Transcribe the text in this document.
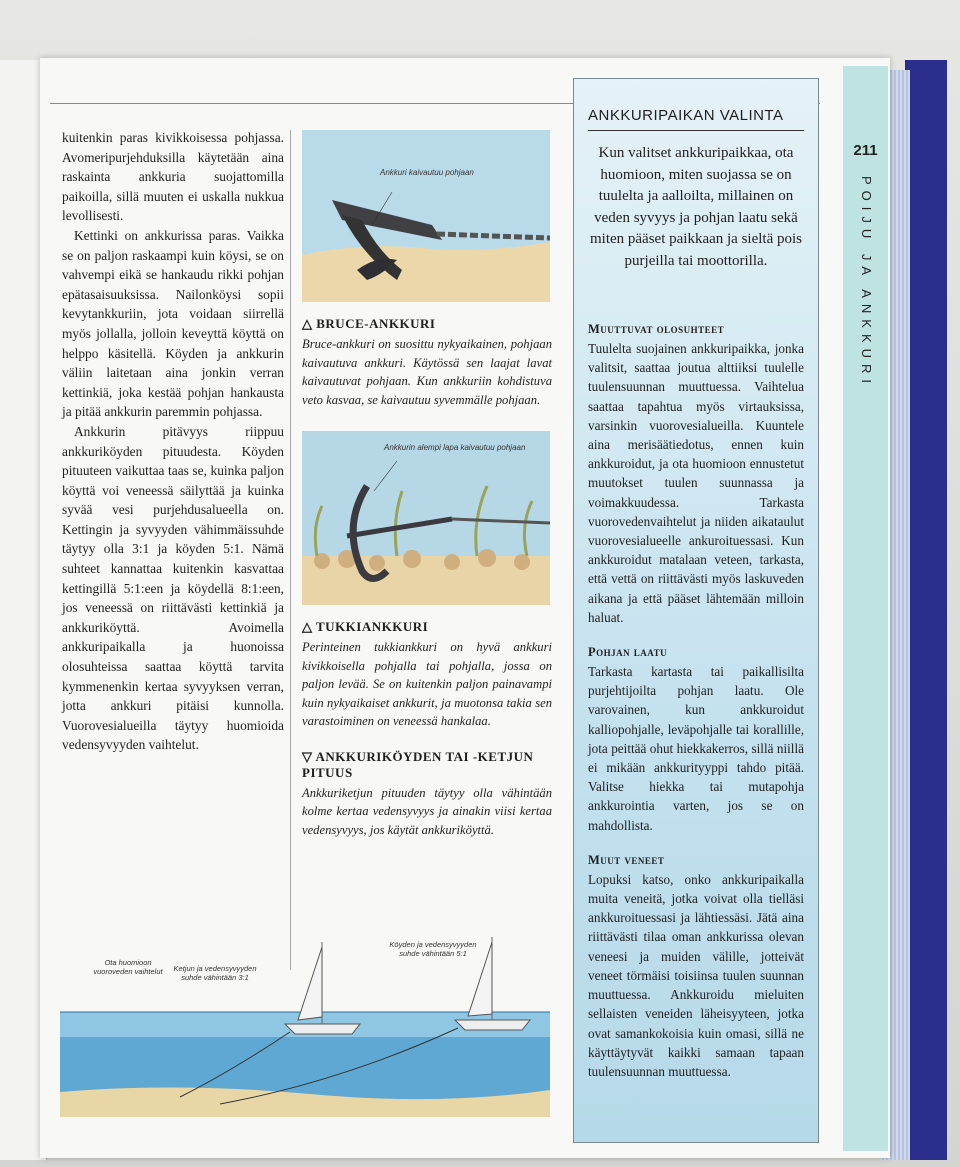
211
POIJU JA ANKKURI

kuitenkin paras kivikkoisessa pohjassa. Avomeripurjehduksilla käytetään aina raskainta ankkuria suojattomilla paikoilla, sillä muuten ei uskalla nukkua levollisesti.

Kettinki on ankkurissa paras. Vaikka se on paljon raskaampi kuin köysi, se on vahvempi eikä se hankaudu rikki pohjan epätasaisuuksissa. Nailonköysi sopii kevytankkuriin, jota voidaan siirrellä myös jollalla, jolloin keveyttä köyttä on helppo käsitellä. Köyden ja ankkurin väliin laitetaan aina jonkin verran kettinkiä, joka kestää pohjan hankausta ja pitää ankkurin paremmin pohjassa.

Ankkurin pitävyys riippuu ankkuriköyden pituudesta. Köyden pituuteen vaikuttaa taas se, kuinka paljon köyttä voi veneessä säilyttää ja kuinka syvää vesi purjehdusalueella on. Kettingin ja syvyyden vähimmäissuhde täytyy olla 3:1 ja köyden 5:1. Nämä suhteet kannattaa kuitenkin kasvattaa kettingillä 5:1:een ja köydellä 8:1:een, jos veneessä on riittävästi kettinkiä ja ankkuriköyttä. Avoimella ankkuripaikalla ja huonoissa olosuhteissa saattaa köyttä tarvita kymmenenkin kertaa syvyyksen verran, jotta ankkuri pitäisi kunnolla. Vuorovesialueilla täytyy huomioida vedensyvyyden vaihtelut.

Ankkuri kaivautuu pohjaan
△ BRUCE-ANKKURI
Bruce-ankkuri on suosittu nykyaikainen, pohjaan kaivautuva ankkuri. Käytössä sen laajat lavat kaivautuvat pohjaan. Kun ankkuriin kohdistuva veto kasvaa, se kaivautuu syvemmälle pohjaan.
Ankkurin alempi lapa kaivautuu pohjaan
△ TUKKIANKKURI
Perinteinen tukkiankkuri on hyvä ankkuri kivikkoisella pohjalla tai pohjalla, jossa on paljon levää. Se on kuitenkin paljon painavampi kuin nykyaikaiset ankkurit, ja muotonsa takia sen varastoiminen on veneessä hankalaa.
▽ ANKKURIKÖYDEN TAI -KETJUN PITUUS
Ankkuriketjun pituuden täytyy olla vähintään kolme kertaa vedensyvyys ja ainakin viisi kertaa vedensyvyys, jos käytät ankkuriköyttä.
Ota huomioon vuoroveden vaihtelut	Ketjun ja vedensyvyyden suhde vähintään 3:1
Köyden ja vedensyvyyden suhde vähintään 5:1
ANKKURIPAIKAN VALINTA
Kun valitset ankkuripaikkaa, ota huomioon, miten suojassa se on tuulelta ja aalloilta, millainen on veden syvyys ja pohjan laatu sekä miten pääset paikkaan ja sieltä pois purjeilla tai moottorilla.
Muuttuvat olosuhteet

Tuulelta suojainen ankkuripaikka, jonka valitsit, saattaa joutua alttiiksi tuulelle tuulensuunnan muuttuessa. Vaihtelua saattaa tapahtua myös virtauksissa, varsinkin vuorovesialueilla. Kuuntele aina merisäätiedotus, ennen kuin ankkuroidut, ja ota huomioon ennustetut muutokset tuulen suunnassa ja voimakkuudessa. Tarkasta vuorovedenvaihtelut ja niiden aikataulut vuorovesialueelle ankuroituessasi. Kun ankkuroidut matalaan veteen, tarkasta, että vettä on riittävästi myös laskuveden aikana ja että pääset lähtemään milloin haluat.

Pohjan laatu

Tarkasta kartasta tai paikallisilta purjehtijoilta pohjan laatu. Ole varovainen, kun ankkuroidut kalliopohjalle, leväpohjalle tai korallille, jota peittää ohut hiekkakerros, sillä niillä ei mikään ankkurityyppi tahdo pitää. Valitse hiekka tai mutapohja ankkurointia varten, jos se on mahdollista.

Muut veneet

Lopuksi katso, onko ankkuripaikalla muita veneitä, jotka voivat olla tielläsi ankkuroituessasi ja lähtiessäsi. Jätä aina riittävästi tilaa oman ankkurissa olevan veneesi ja muiden välille, jotteivät veneet törmäisi toisiinsa tuulen suunnan muuttuessa. Ankkuroidu mieluiten sellaisten veneiden läheisyyteen, jotka ovat samankokoisia kuin omasi, sillä ne käyttäytyvät kaikki samaan tapaan tuulensuunnan muuttuessa.
